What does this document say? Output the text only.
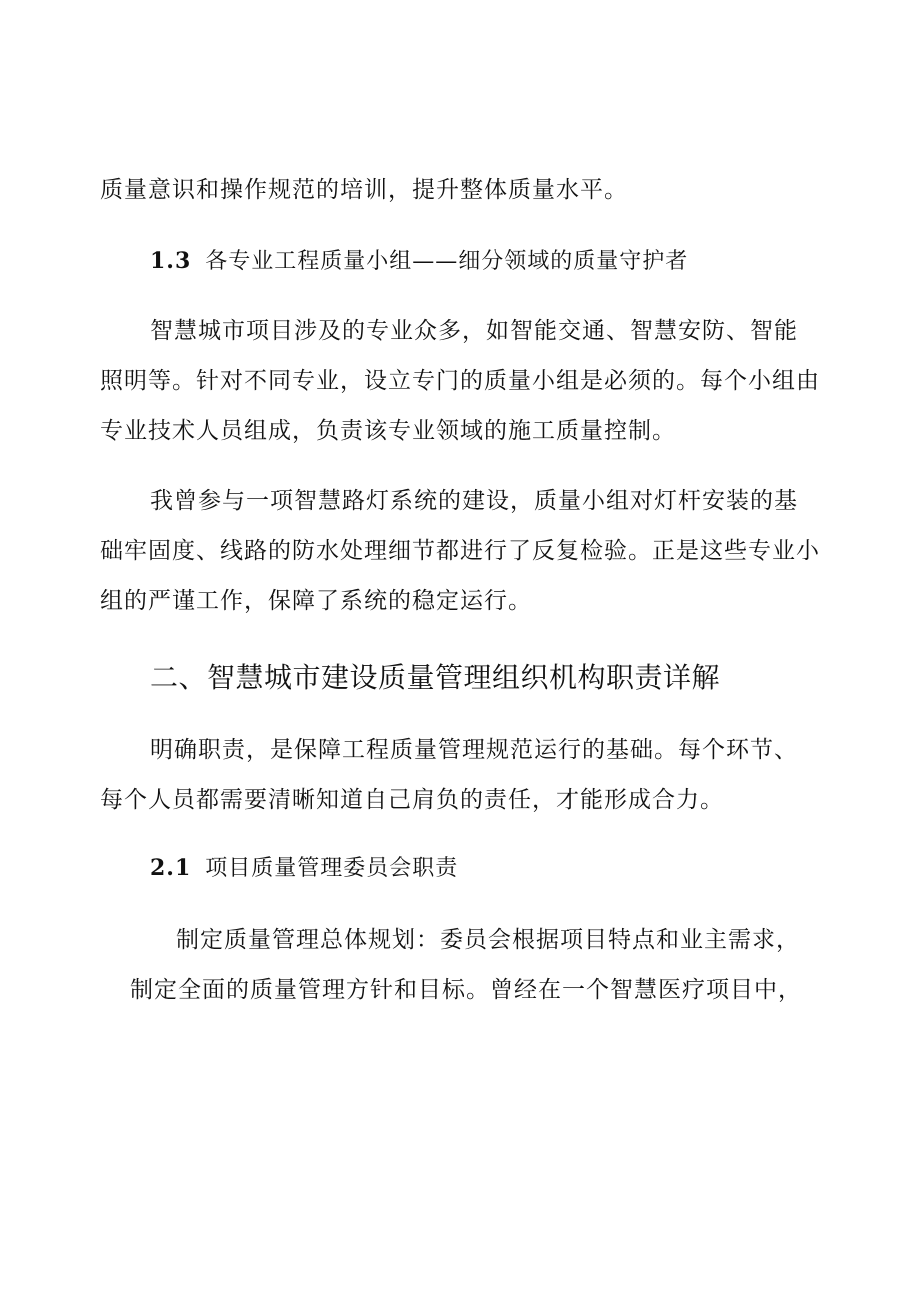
质量意识和操作规范的培训，提升整体质量水平。
1.3 各专业工程质量小组——细分领域的质量守护者
智慧城市项目涉及的专业众多，如智能交通、智慧安防、智能照明等。针对不同专业，设立专门的质量小组是必须的。每个小组由专业技术人员组成，负责该专业领域的施工质量控制。
我曾参与一项智慧路灯系统的建设，质量小组对灯杆安装的基础牢固度、线路的防水处理细节都进行了反复检验。正是这些专业小组的严谨工作，保障了系统的稳定运行。
二、智慧城市建设质量管理组织机构职责详解
明确职责，是保障工程质量管理规范运行的基础。每个环节、每个人员都需要清晰知道自己肩负的责任，才能形成合力。
2.1 项目质量管理委员会职责
制定质量管理总体规划：委员会根据项目特点和业主需求，制定全面的质量管理方针和目标。曾经在一个智慧医疗项目中，
